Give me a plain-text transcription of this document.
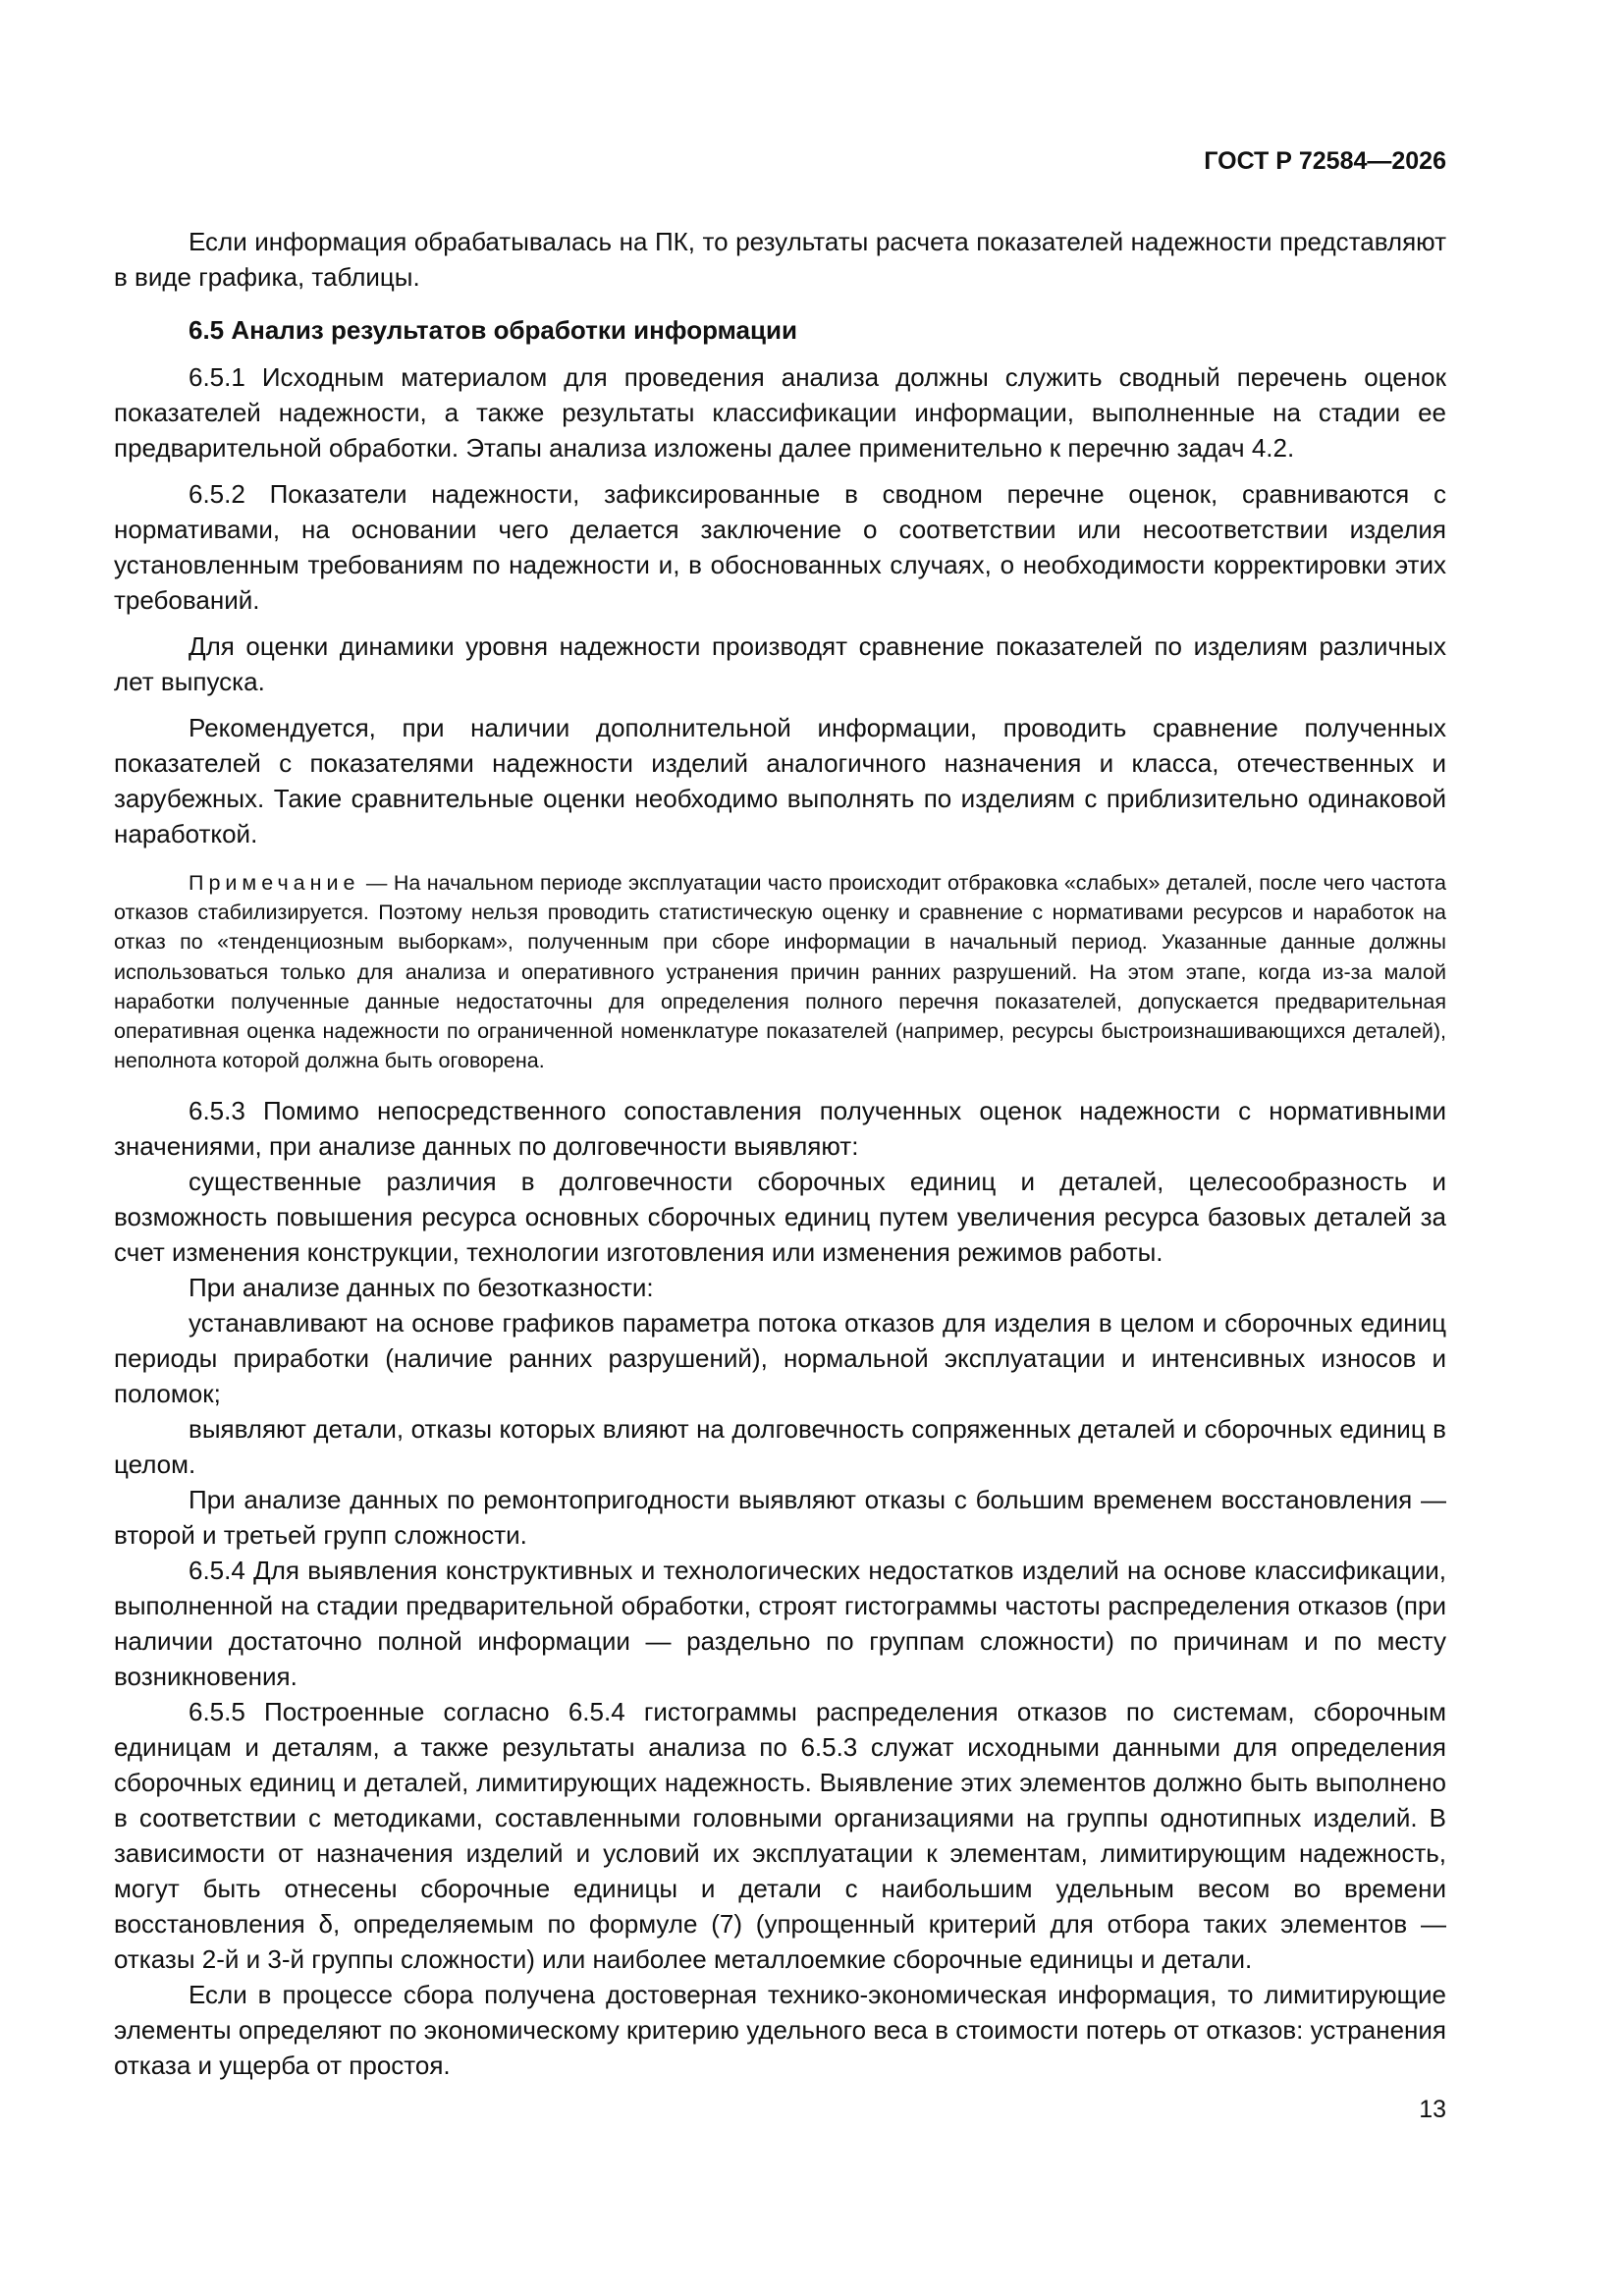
ГОСТ Р 72584—2026

Если информация обрабатывалась на ПК, то результаты расчета показателей надежности представляют в виде графика, таблицы.

6.5 Анализ результатов обработки информации

6.5.1 Исходным материалом для проведения анализа должны служить сводный перечень оценок показателей надежности, а также результаты классификации информации, выполненные на стадии ее предварительной обработки. Этапы анализа изложены далее применительно к перечню задач 4.2.

6.5.2 Показатели надежности, зафиксированные в сводном перечне оценок, сравниваются с нормативами, на основании чего делается заключение о соответствии или несоответствии изделия установленным требованиям по надежности и, в обоснованных случаях, о необходимости корректировки этих требований.

Для оценки динамики уровня надежности производят сравнение показателей по изделиям различных лет выпуска.

Рекомендуется, при наличии дополнительной информации, проводить сравнение полученных показателей с показателями надежности изделий аналогичного назначения и класса, отечественных и зарубежных. Такие сравнительные оценки необходимо выполнять по изделиям с приблизительно одинаковой наработкой.

Примечание — На начальном периоде эксплуатации часто происходит отбраковка «слабых» деталей, после чего частота отказов стабилизируется. Поэтому нельзя проводить статистическую оценку и сравнение с нормативами ресурсов и наработок на отказ по «тенденциозным выборкам», полученным при сборе информации в начальный период. Указанные данные должны использоваться только для анализа и оперативного устранения причин ранних разрушений. На этом этапе, когда из-за малой наработки полученные данные недостаточны для определения полного перечня показателей, допускается предварительная оперативная оценка надежности по ограниченной номенклатуре показателей (например, ресурсы быстроизнашивающихся деталей), неполнота которой должна быть оговорена.

6.5.3 Помимо непосредственного сопоставления полученных оценок надежности с нормативными значениями, при анализе данных по долговечности выявляют:

существенные различия в долговечности сборочных единиц и деталей, целесообразность и возможность повышения ресурса основных сборочных единиц путем увеличения ресурса базовых деталей за счет изменения конструкции, технологии изготовления или изменения режимов работы.

При анализе данных по безотказности:

устанавливают на основе графиков параметра потока отказов для изделия в целом и сборочных единиц периоды приработки (наличие ранних разрушений), нормальной эксплуатации и интенсивных износов и поломок;

выявляют детали, отказы которых влияют на долговечность сопряженных деталей и сборочных единиц в целом.

При анализе данных по ремонтопригодности выявляют отказы с большим временем восстановления — второй и третьей групп сложности.

6.5.4 Для выявления конструктивных и технологических недостатков изделий на основе классификации, выполненной на стадии предварительной обработки, строят гистограммы частоты распределения отказов (при наличии достаточно полной информации — раздельно по группам сложности) по причинам и по месту возникновения.

6.5.5 Построенные согласно 6.5.4 гистограммы распределения отказов по системам, сборочным единицам и деталям, а также результаты анализа по 6.5.3 служат исходными данными для определения сборочных единиц и деталей, лимитирующих надежность. Выявление этих элементов должно быть выполнено в соответствии с методиками, составленными головными организациями на группы однотипных изделий. В зависимости от назначения изделий и условий их эксплуатации к элементам, лимитирующим надежность, могут быть отнесены сборочные единицы и детали с наибольшим удельным весом во времени восстановления δ, определяемым по формуле (7) (упрощенный критерий для отбора таких элементов — отказы 2-й и 3-й группы сложности) или наиболее металлоемкие сборочные единицы и детали.

Если в процессе сбора получена достоверная технико-экономическая информация, то лимитирующие элементы определяют по экономическому критерию удельного веса в стоимости потерь от отказов: устранения отказа и ущерба от простоя.

13
